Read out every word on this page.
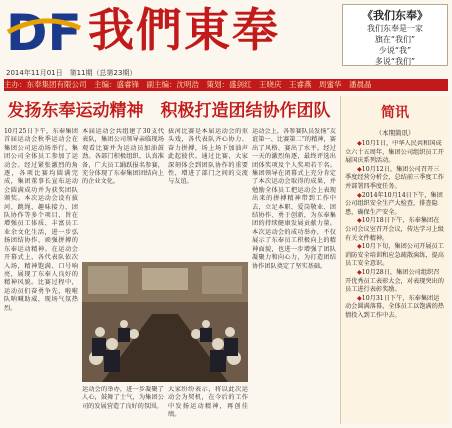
DF 我們東奉	《我们东奉》
我们东奉是一家
旗在“我们”
少说“我”
多说“我们”
2014年11月01日　第11期（总第23期）
主办：东奉集团有限公司　主编：盛睿锋　副主编：沈明浩　策划：盛剑红　王晓庆　王睿燕　周蜜华　潘晨晶
发扬东奉运动精神　积极打造团结协作团队
10月25日下午，东奉集团首届运动会秋季运动会在集团公司运动场举行，集团公司全体员工参加了运动会。经过紧张激烈的角逐，各项比赛均圆满完成，集团董事长宣布运动会圆满成功并为获奖团队颁奖。本次运动会设有拔河、跳绳、趣味接力、团队协作等多个项目，旨在增强员工体质、丰富员工业余文化生活，进一步弘扬团结协作、顽强拼搏的东奉运动精神。在运动会开幕式上，各代表队依次入场，精神饱满、口号响亮，展现了东奉人良好的精神风貌。比赛过程中，运动员们奋勇争先，啦啦队呐喊助威，现场气氛热烈。
本届运动会共组建了30支代表队，集团公司领导亲临现场观看比赛并为运动员加油鼓劲。各部门积极组织、认真准备，广大员工踊跃报名参赛，充分体现了东奉集团团结向上的企业文化。
拔河比赛是本届运动会的重头戏，各代表队齐心协力、奋力拼搏，场上场下加油声此起彼伏。通过比赛，大家深刻体会到团队协作的重要性，增进了部门之间的交流与友谊。
运动会上，各参赛队员发扬“友谊第一、比赛第二”的精神，赛出了风格、赛出了水平。经过一天的激烈角逐，最终评选出团体奖项及个人奖项若干名。集团领导在闭幕式上充分肯定了本次运动会取得的成果，并勉励全体员工把运动会上表现出来的拼搏精神带到工作中去，立足本职、爱岗敬业、团结协作、勇于创新，为东奉集团的持续健康发展贡献力量。本次运动会的成功举办，不仅展示了东奉员工积极向上的精神面貌，也进一步增强了团队凝聚力和向心力，为打造团结协作团队奠定了坚实基础。
运动会的举办，进一步凝聚了人心，鼓舞了士气，为集团公司的发展营造了良好的氛围。
大家纷纷表示，将以此次运动会为契机，在今后的工作中发扬运动精神，再创佳绩。
简讯
（本期简讯）

◆10月1日，中华人民共和国成立六十五周年，集团公司组织员工开展国庆系列活动。

◆10月12日，集团公司召开三季度经营分析会，总结前三季度工作并部署四季度任务。

◆2014年10月14日下午，集团公司组织安全生产大检查，排查隐患，确保生产安全。

◆10月18日下午，东奉集团在公司会议室召开会议，传达学习上级有关文件精神。

◆10月下旬，集团公司开展员工消防安全培训和应急疏散演练，提高员工安全意识。

◆10月28日，集团公司组织召开优秀员工表彰大会，对表现突出的员工进行表彰奖励。

◆10月31日下午，东奉集团运动会圆满落幕，全体员工以饱满的热情投入到工作中去。
